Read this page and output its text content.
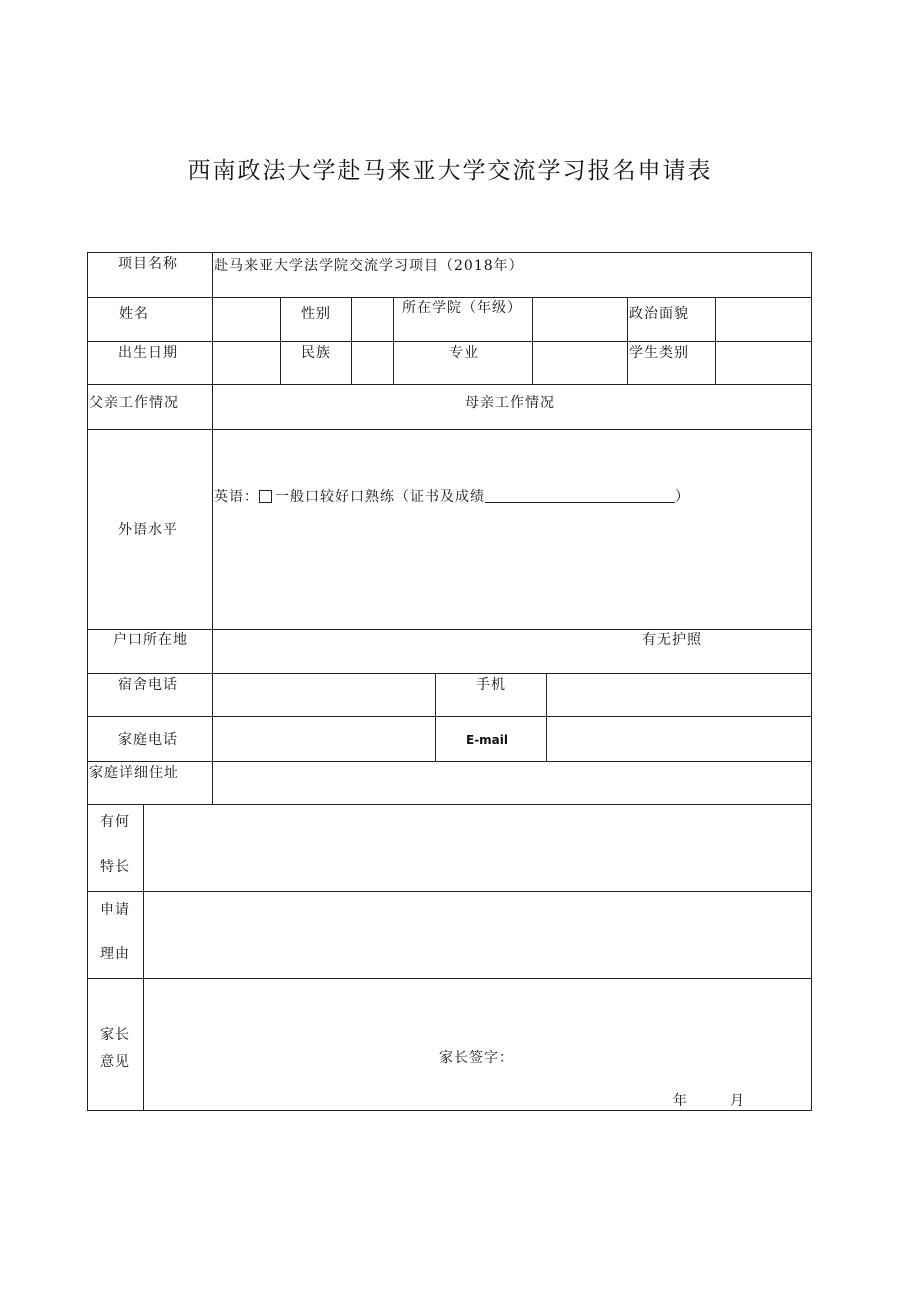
西南政法大学赴马来亚大学交流学习报名申请表
项目名称	赴马来亚大学法学院交流学习项目（2018年）
姓名	性别	所在学院（年级）	政治面貌
出生日期	民族	专业	学生类别
父亲工作情况	母亲工作情况
外语水平
英语： 一般口较好口熟练（证书及成绩	）
户口所在地	有无护照
宿舍电话	手机
家庭电话	E-mail
家庭详细住址
有何
特长
申请
理由
家长
意见	家长签字：
年	月
